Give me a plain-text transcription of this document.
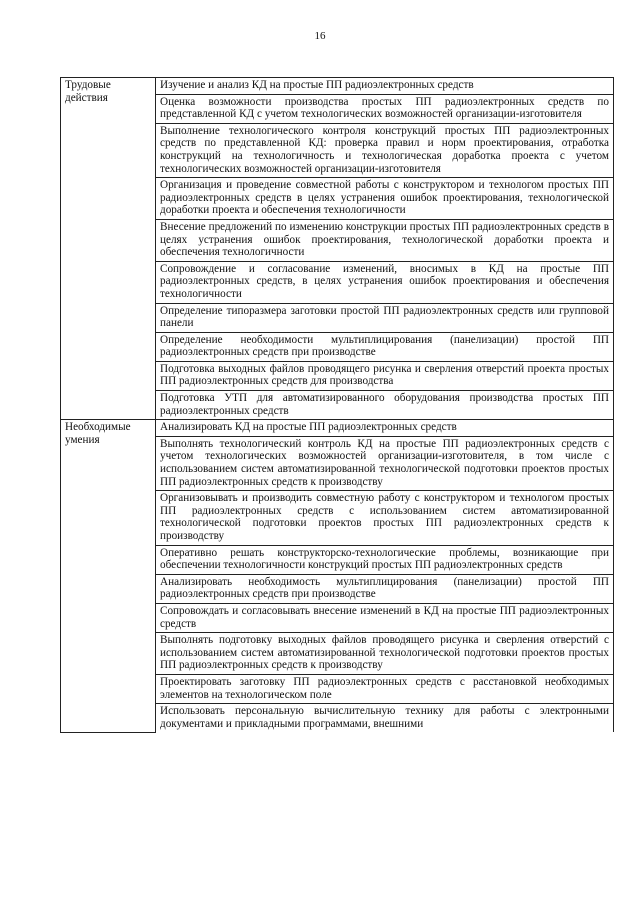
16
Трудовые действия	Изучение и анализ КД на простые ПП радиоэлектронных средств
	Оценка возможности производства простых ПП радиоэлектронных средств по представленной КД с учетом технологических возможностей организации-изготовителя
	Выполнение технологического контроля конструкций простых ПП радиоэлектронных средств по представленной КД: проверка правил и норм проектирования, отработка конструкций на технологичность и технологическая доработка проекта с учетом технологических возможностей организации-изготовителя
	Организация и проведение совместной работы с конструктором и технологом простых ПП радиоэлектронных средств в целях устранения ошибок проектирования, технологической доработки проекта и обеспечения технологичности
	Внесение предложений по изменению конструкции простых ПП радиоэлектронных средств в целях устранения ошибок проектирования, технологической доработки проекта и обеспечения технологичности
	Сопровождение и согласование изменений, вносимых в КД на простые ПП радиоэлектронных средств, в целях устранения ошибок проектирования и обеспечения технологичности
	Определение типоразмера заготовки простой ПП радиоэлектронных средств или групповой панели
	Определение необходимости мультиплицирования (панелизации) простой ПП радиоэлектронных средств при производстве
	Подготовка выходных файлов проводящего рисунка и сверления отверстий проекта простых ПП радиоэлектронных средств для производства
	Подготовка УТП для автоматизированного оборудования производства простых ПП радиоэлектронных средств
Необходимые умения	Анализировать КД на простые ПП радиоэлектронных средств
	Выполнять технологический контроль КД на простые ПП радиоэлектронных средств с учетом технологических возможностей организации-изготовителя, в том числе с использованием систем автоматизированной технологической подготовки проектов простых ПП радиоэлектронных средств к производству
	Организовывать и производить совместную работу с конструктором и технологом простых ПП радиоэлектронных средств с использованием систем автоматизированной технологической подготовки проектов простых ПП радиоэлектронных средств к производству
	Оперативно решать конструкторско-технологические проблемы, возникающие при обеспечении технологичности конструкций простых ПП радиоэлектронных средств
	Анализировать необходимость мультиплицирования (панелизации) простой ПП радиоэлектронных средств при производстве
	Сопровождать и согласовывать внесение изменений в КД на простые ПП радиоэлектронных средств
	Выполнять подготовку выходных файлов проводящего рисунка и сверления отверстий с использованием систем автоматизированной технологической подготовки проектов простых ПП радиоэлектронных средств к производству
	Проектировать заготовку ПП радиоэлектронных средств с расстановкой необходимых элементов на технологическом поле
	Использовать персональную вычислительную технику для работы с электронными документами и прикладными программами, внешними
